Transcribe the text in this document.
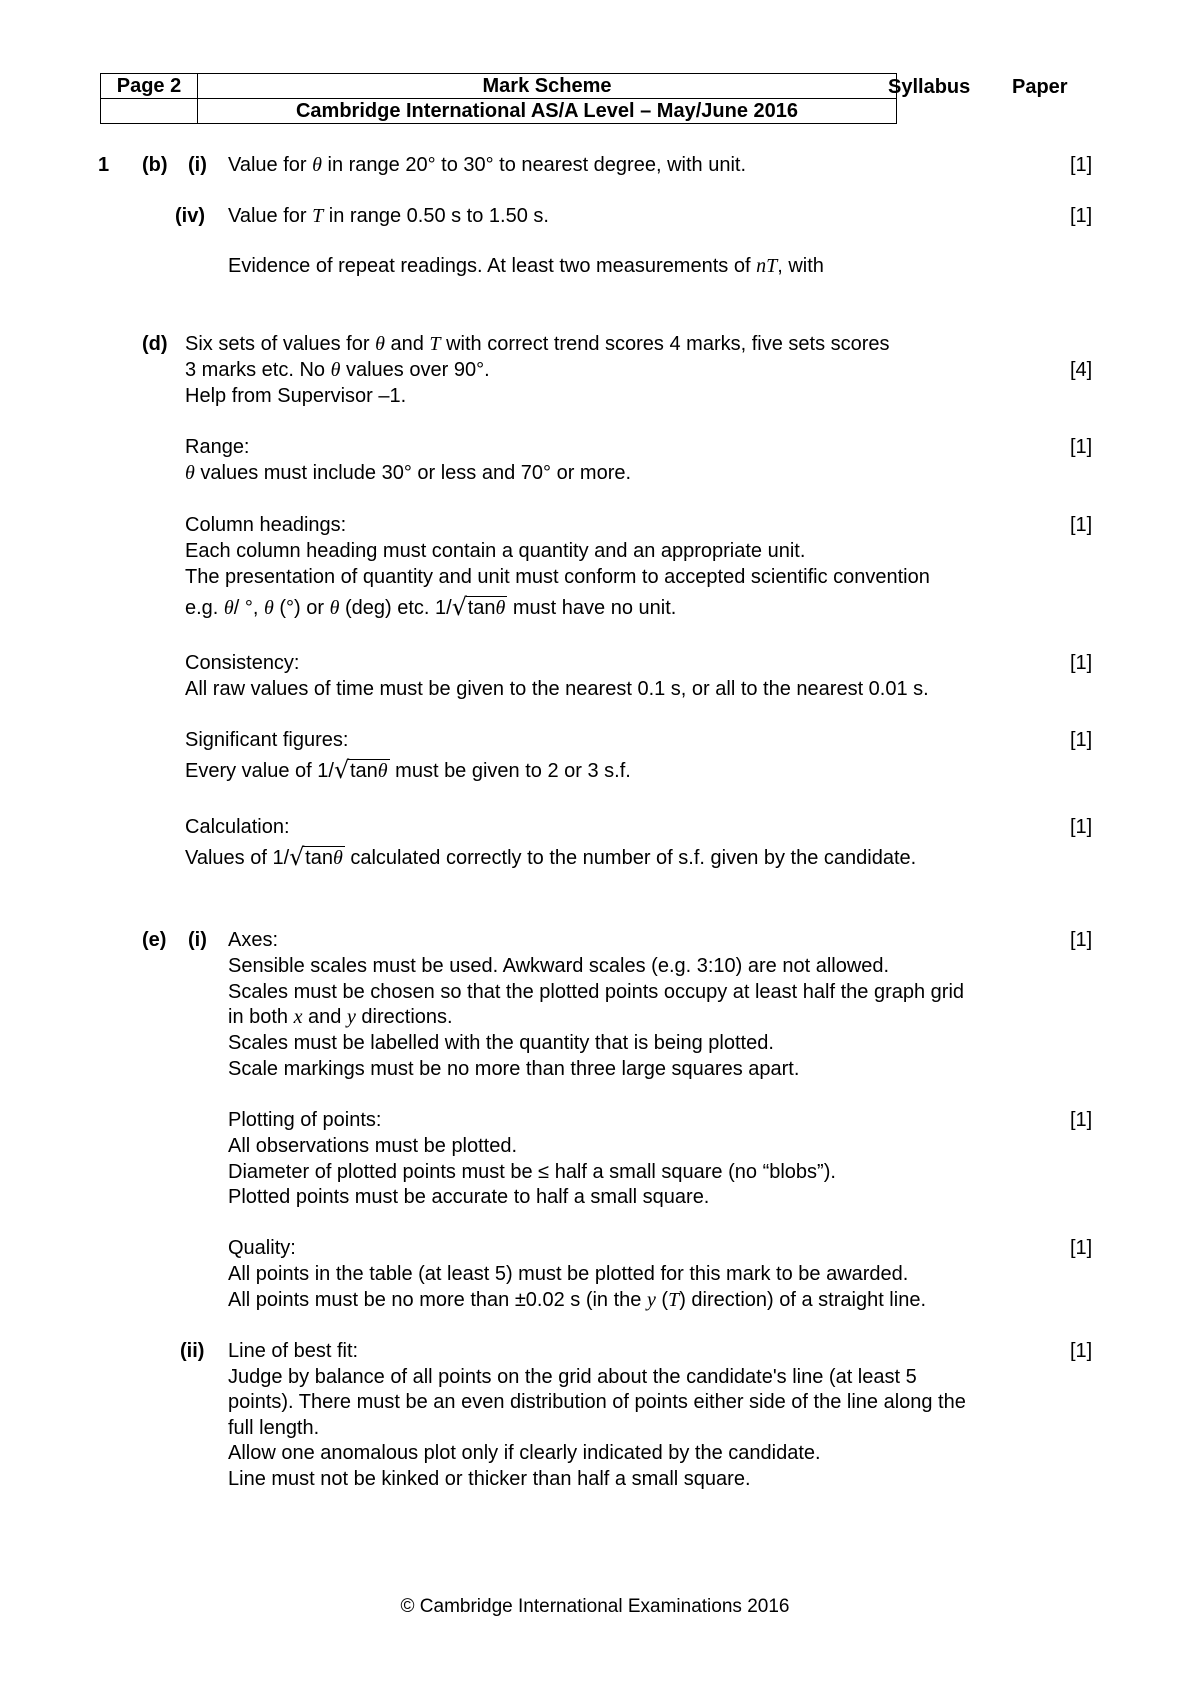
Page 2	Mark Scheme
	Cambridge International AS/A Level – May/June 2016
Syllabus Paper
1 (b) (i) Value for θ in range 20° to 30° to nearest degree, with unit.	[1]
(iv) Value for T in range 0.50 s to 1.50 s.	[1]
Evidence of repeat readings. At least two measurements of nT, with
(d) Six sets of values for θ and T with correct trend scores 4 marks, five sets scores
3 marks etc. No θ values over 90°.	[4]
Help from Supervisor –1.
Range:	[1]
θ values must include 30° or less and 70° or more.
Column headings:	[1]
Each column heading must contain a quantity and an appropriate unit.
The presentation of quantity and unit must conform to accepted scientific convention
e.g. θ/ °, θ (°) or θ (deg) etc. 1/ √ tanθ must have no unit.
Consistency:	[1]
All raw values of time must be given to the nearest 0.1 s, or all to the nearest 0.01 s.
Significant figures:	[1]
Every value of 1/ √ tanθ must be given to 2 or 3 s.f.
Calculation:	[1]
Values of 1/ √ tanθ calculated correctly to the number of s.f. given by the candidate.
(e) (i) Axes:	[1]
Sensible scales must be used. Awkward scales (e.g. 3:10) are not allowed.
Scales must be chosen so that the plotted points occupy at least half the graph grid
in both x and y directions.
Scales must be labelled with the quantity that is being plotted.
Scale markings must be no more than three large squares apart.
Plotting of points:	[1]
All observations must be plotted.
Diameter of plotted points must be ≤ half a small square (no “blobs”).
Plotted points must be accurate to half a small square.
Quality:	[1]
All points in the table (at least 5) must be plotted for this mark to be awarded.
All points must be no more than ±0.02 s (in the y (T) direction) of a straight line.
(ii) Line of best fit:	[1]
Judge by balance of all points on the grid about the candidate's line (at least 5
points). There must be an even distribution of points either side of the line along the
full length.
Allow one anomalous plot only if clearly indicated by the candidate.
Line must not be kinked or thicker than half a small square.
© Cambridge International Examinations 2016
